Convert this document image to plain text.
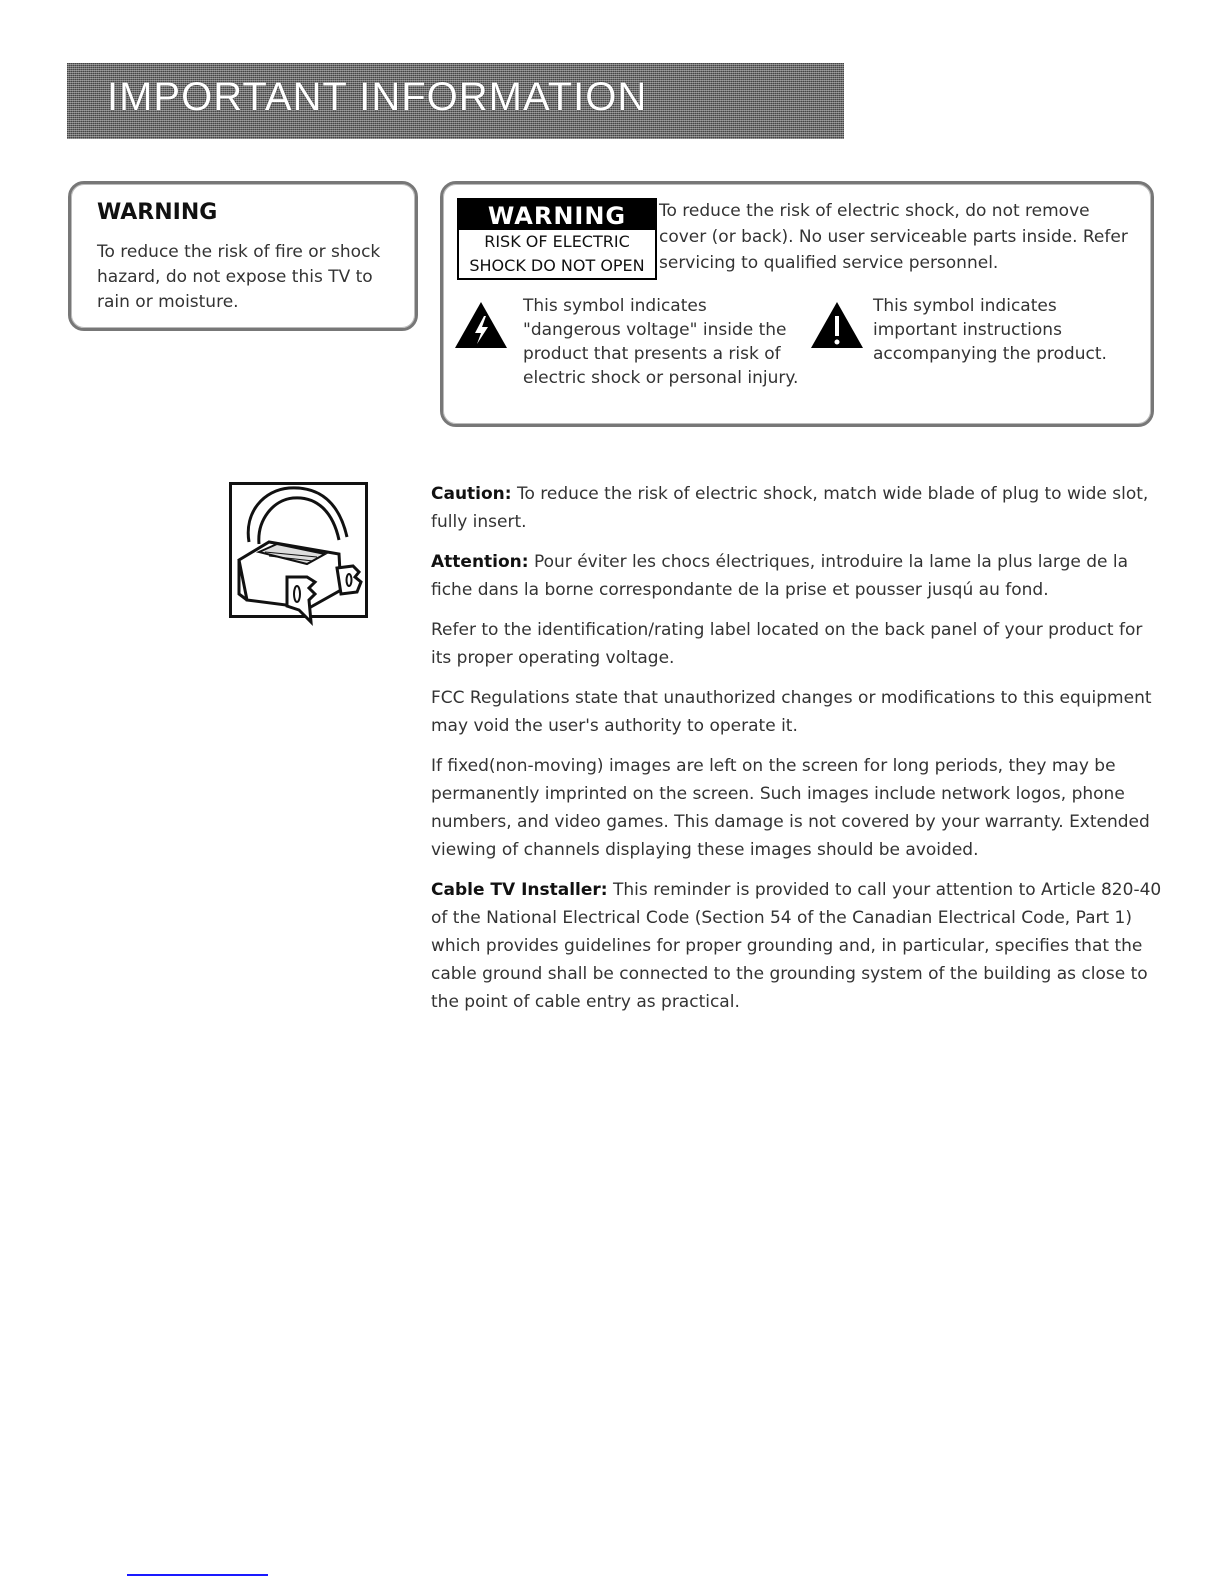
IMPORTANT INFORMATION
WARNING
To reduce the risk of fire or shock hazard, do not expose this TV to rain or moisture.
WARNING
RISK OF ELECTRIC
SHOCK DO NOT OPEN
To reduce the risk of electric shock, do not remove cover (or back). No user serviceable parts inside. Refer servicing to qualified service personnel.
This symbol indicates "dangerous voltage" inside the product that presents a risk of electric shock or personal injury.
This symbol indicates important instructions accompanying the product.

Caution: To reduce the risk of electric shock, match wide blade of plug to wide slot, fully insert.

Attention: Pour éviter les chocs électriques, introduire la lame la plus large de la fiche dans la borne correspondante de la prise et pousser jusqú au fond.

Refer to the identification/rating label located on the back panel of your product for its proper operating voltage.

FCC Regulations state that unauthorized changes or modifications to this equipment may void the user's authority to operate it.

If fixed(non-moving) images are left on the screen for long periods, they may be permanently imprinted on the screen. Such images include network logos, phone numbers, and video games. This damage is not covered by your warranty. Extended viewing of channels displaying these images should be avoided.

Cable TV Installer: This reminder is provided to call your attention to Article 820-40 of the National Electrical Code (Section 54 of the Canadian Electrical Code, Part 1) which provides guidelines for proper grounding and, in particular, specifies that the cable ground shall be connected to the grounding system of the building as close to the point of cable entry as practical.
